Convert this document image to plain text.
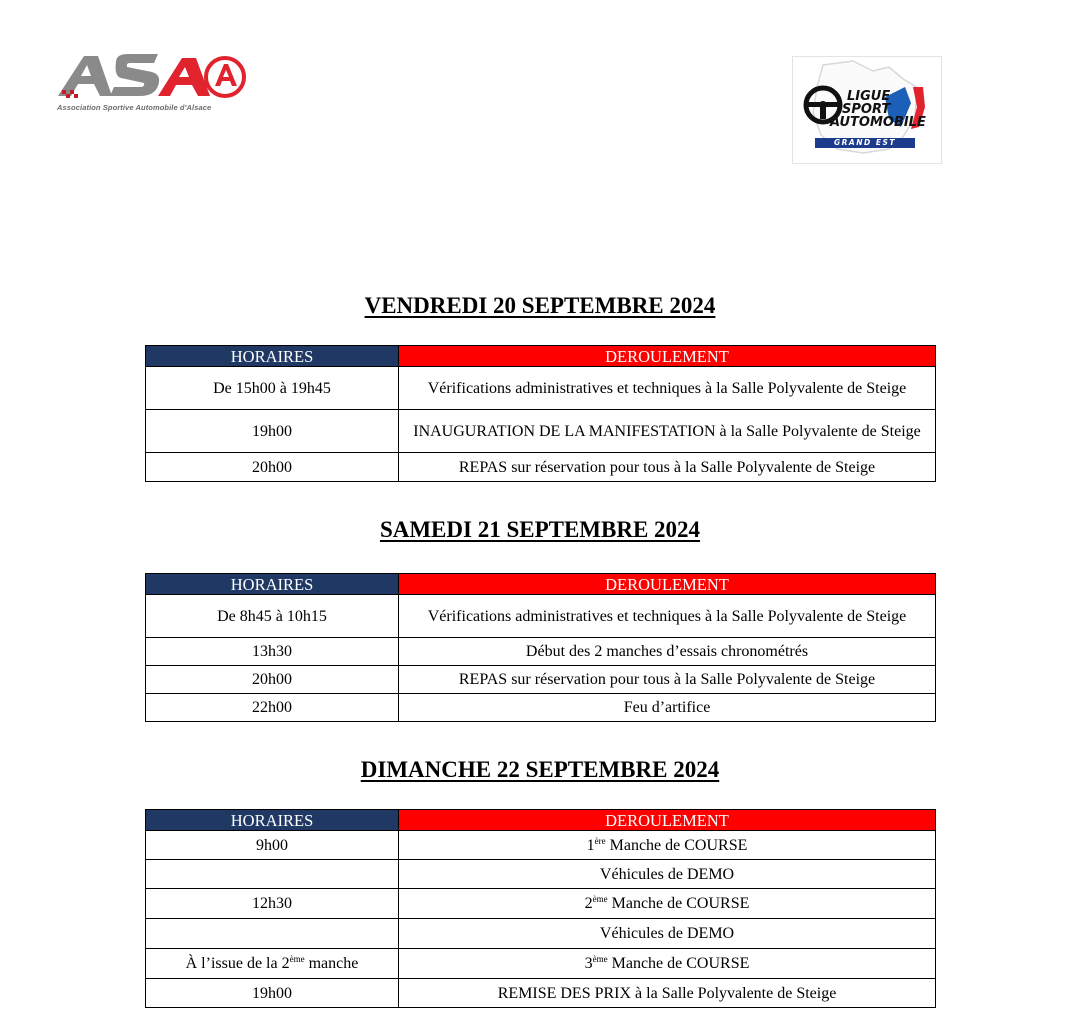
Association Sportive Automobile d'Alsace
LIGUE
SPORT
AUTOMOBILE
GRAND EST
VENDREDI 20 SEPTEMBRE 2024
HORAIRES	DEROULEMENT
De 15h00 à 19h45	Vérifications administratives et techniques à la Salle Polyvalente de Steige
19h00	INAUGURATION DE LA MANIFESTATION à la Salle Polyvalente de Steige
20h00	REPAS sur réservation pour tous à la Salle Polyvalente de Steige
SAMEDI 21 SEPTEMBRE 2024
HORAIRES	DEROULEMENT
De 8h45 à 10h15	Vérifications administratives et techniques à la Salle Polyvalente de Steige
13h30	Début des 2 manches d’essais chronométrés
20h00	REPAS sur réservation pour tous à la Salle Polyvalente de Steige
22h00	Feu d’artifice
DIMANCHE 22 SEPTEMBRE 2024
HORAIRES	DEROULEMENT
9h00	1ère Manche de COURSE
	Véhicules de DEMO
12h30	2ème Manche de COURSE
	Véhicules de DEMO
À l’issue de la 2ème manche	3ème Manche de COURSE
19h00	REMISE DES PRIX à la Salle Polyvalente de Steige
